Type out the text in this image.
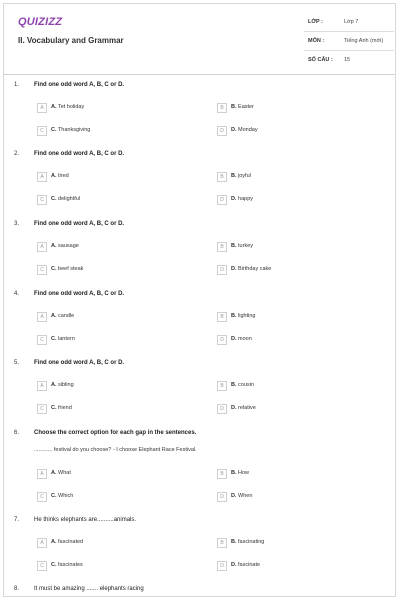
QUIZIZZ
II. Vocabulary and Grammar
LỚP :	Lớp 7
MÔN :	Tiếng Anh (mới)
SỐ CÂU : 15
1. Find one odd word A, B, C or D.
A	A. Tet holiday	B	B. Easter
C	C. Thanksgiving	D	D. Monday
2. Find one odd word A, B, C or D.
A	A. tired	B	B. joyful
C	C. delightful	D	D. happy
3. Find one odd word A, B, C or D.
A	A. sausage	B	B. turkey
C	C. beef steak	D	D. Birthday cake
4. Find one odd word A, B, C or D.
A	A. candle	B	B. lighting
C	C. lantern	D	D. moon
5. Find one odd word A, B, C or D.
A	A. sibling	B	B. cousin
C	C. friend	D	D. relative
6. Choose the correct option for each gap in the sentences.
............ festival do you choose? - I choose Elephant Race Festival.
A	A. What	B	B. How
C	C. Which	D	D. When
7. He thinks elephants are..........animals.
A	A. fascinated	B	B. fascinating
C	C. fascinates	D	D. fascinate
8. It must be amazing ....... elephants racing
